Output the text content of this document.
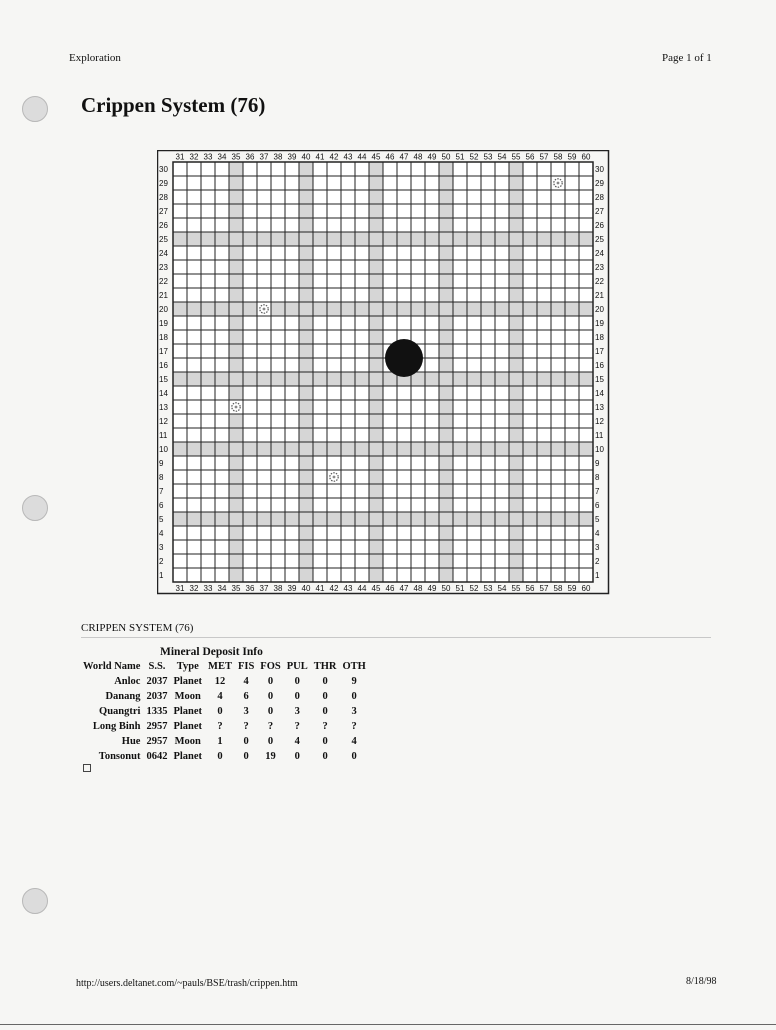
Exploration	Page 1 of 1
Crippen System (76)
31
31
32
32
33
33
34
34
35
35
36
36
37
37
38
38
39
39
40
40
41
41
42
42
43
43
44
44
45
45
46
46
47
47
48
48
49
49
50
50
51
51
52
52
53
53
54
54
55
55
56
56
57
57
58
58
59
59
60
60
30	30
29	29
28	28
27	27
26	26
25	25
24	24
23	23
22	22
21	21
20	20
19	19
18	18
17	17
16	16
15	15
14	14
13	13
12	12
11	11
10	10
9	9
8	8
7	7
6	6
5	5
4	4
3	3
2	2
1	1
CRIPPEN SYSTEM (76)
Mineral Deposit Info
World Name	S.S.	Type	MET	FIS	FOS	PUL	THR	OTH
Anloc	2037	Planet	12	4	0	0	0	9
Danang	2037	Moon	4	6	0	0	0	0
Quangtri	1335	Planet	0	3	0	3	0	3
Long Binh	2957	Planet	?	?	?	?	?	?
Hue	2957	Moon	1	0	0	4	0	4
Tonsonut	0642	Planet	0	0	19	0	0	0
http://users.deltanet.com/~pauls/BSE/trash/crippen.htm	8/18/98
